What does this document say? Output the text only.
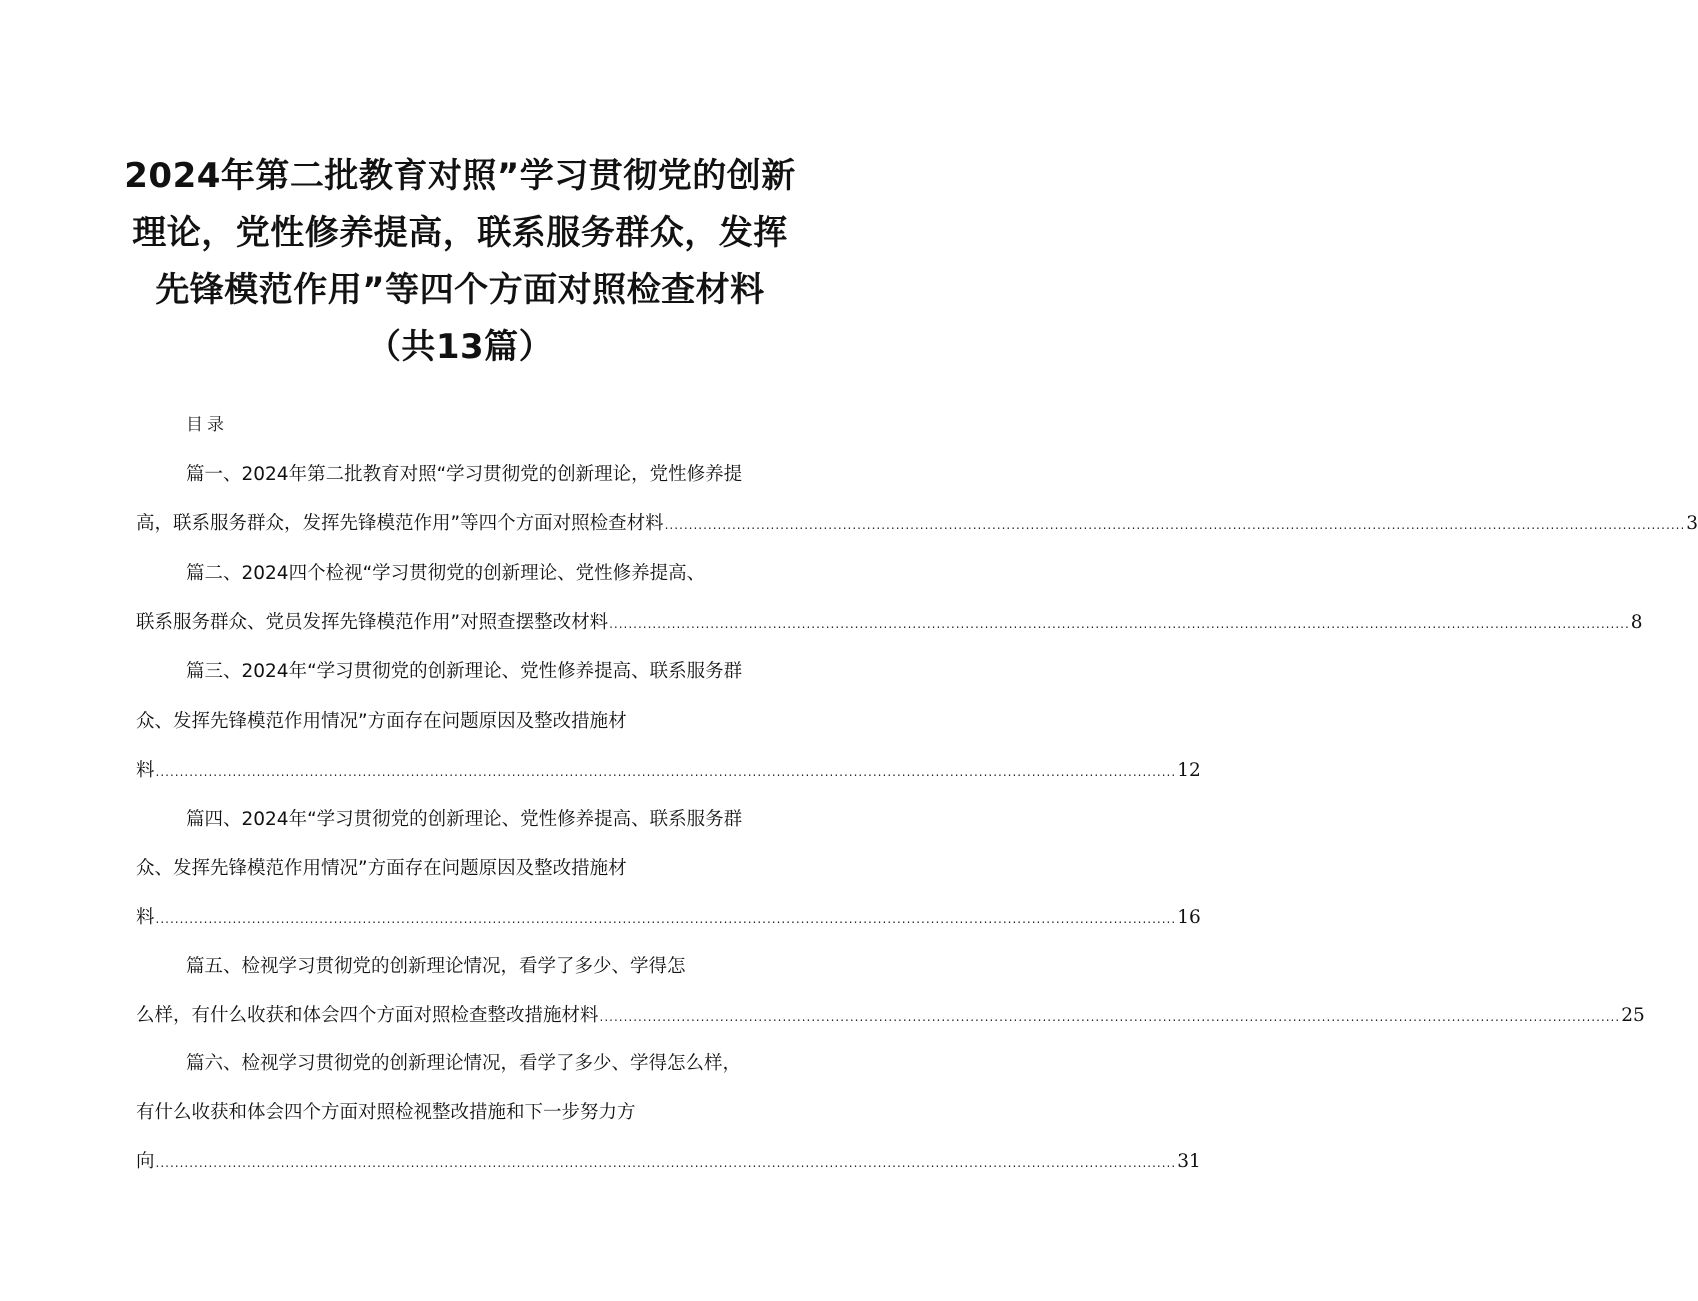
2024年第二批教育对照”学习贯彻党的创新
理论，党性修养提高，联系服务群众，发挥
先锋模范作用”等四个方面对照检查材料
（共13篇）
目录
篇一、2024年第二批教育对照“学习贯彻党的创新理论，党性修养提
高，联系服务群众，发挥先锋模范作用”等四个方面对照检查材料 .................................................................................................................................................................................................................... 3
篇二、2024四个检视“学习贯彻党的创新理论、党性修养提高、
联系服务群众、党员发挥先锋模范作用”对照查摆整改材料 .................................................................................................................................................................................................................... 8
篇三、2024年“学习贯彻党的创新理论、党性修养提高、联系服务群
众、发挥先锋模范作用情况”方面存在问题原因及整改措施材
料 .................................................................................................................................................................................................................... 12
篇四、2024年“学习贯彻党的创新理论、党性修养提高、联系服务群
众、发挥先锋模范作用情况”方面存在问题原因及整改措施材
料 .................................................................................................................................................................................................................... 16
篇五、检视学习贯彻党的创新理论情况，看学了多少、学得怎
么样，有什么收获和体会四个方面对照检查整改措施材料 .................................................................................................................................................................................................................... 25
篇六、检视学习贯彻党的创新理论情况，看学了多少、学得怎么样，
有什么收获和体会四个方面对照检视整改措施和下一步努力方
向 .................................................................................................................................................................................................................... 31
